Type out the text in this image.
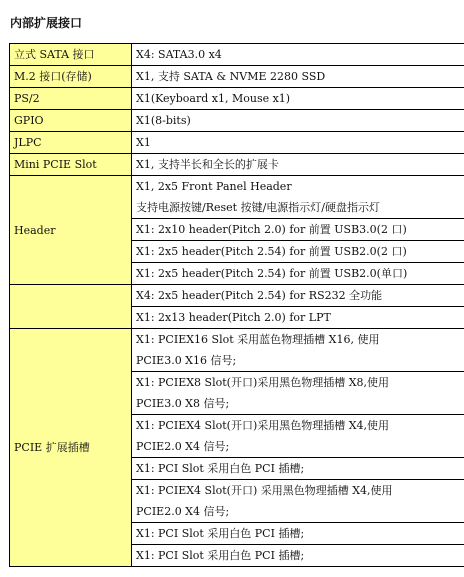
内部扩展接口
立式 SATA 接口	X4: SATA3.0 x4
M.2 接口(存储)	X1, 支持 SATA & NVME 2280 SSD
PS/2	X1(Keyboard x1, Mouse x1)
GPIO	X1(8-bits)
JLPC	X1
Mini PCIE Slot	X1, 支持半长和全长的扩展卡
Header	X1, 2x5 Front Panel Header
支持电源按键/Reset 按键/电源指示灯/硬盘指示灯

	X1: 2x10 header(Pitch 2.0) for 前置 USB3.0(2 口)
	X1: 2x5 header(Pitch 2.54) for 前置 USB2.0(2 口)
	X1: 2x5 header(Pitch 2.54) for 前置 USB2.0(单口)
	X4: 2x5 header(Pitch 2.54) for RS232 全功能
	X1: 2x13 header(Pitch 2.0) for LPT
PCIE 扩展插槽	X1: PCIEX16 Slot 采用蓝色物理插槽 X16, 使用
PCIE3.0 X16 信号;

	X1: PCIEX8 Slot(开口)采用黑色物理插槽 X8,使用
PCIE3.0 X8 信号;

	X1: PCIEX4 Slot(开口)采用黑色物理插槽 X4,使用
PCIE2.0 X4 信号;

	X1: PCI Slot 采用白色 PCI 插槽;

	X1: PCIEX4 Slot(开口) 采用黑色物理插槽 X4,使用
PCIE2.0 X4 信号;

	X1: PCI Slot 采用白色 PCI 插槽;
	X1: PCI Slot 采用白色 PCI 插槽;
